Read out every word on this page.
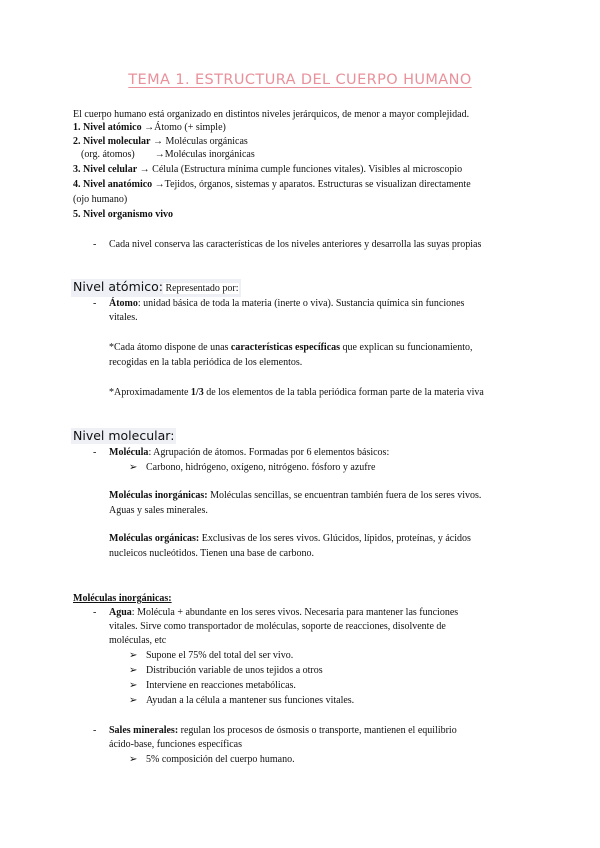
TEMA 1. ESTRUCTURA DEL CUERPO HUMANO
El cuerpo humano está organizado en distintos niveles jerárquicos, de menor a mayor complejidad.
1. Nivel atómico →Átomo (+ simple)
2. Nivel molecular → Moléculas orgánicas
(org. átomos)        →Moléculas inorgánicas
3. Nivel celular → Célula (Estructura mínima cumple funciones vitales). Visibles al microscopio
4. Nivel anatómico →Tejidos, órganos, sistemas y aparatos. Estructuras se visualizan directamente
(ojo humano)
5. Nivel organismo vivo
- Cada nivel conserva las características de los niveles anteriores y desarrolla las suyas propias
Nivel atómico: Representado por:
- Átomo: unidad básica de toda la materia (inerte o viva). Sustancia química sin funciones
vitales.
*Cada átomo dispone de unas características específicas que explican su funcionamiento,
recogidas en la tabla periódica de los elementos.
*Aproximadamente 1/3 de los elementos de la tabla periódica forman parte de la materia viva
Nivel molecular:
- Molécula: Agrupación de átomos. Formadas por 6 elementos básicos:
➢ Carbono, hidrógeno, oxígeno, nitrógeno. fósforo y azufre
Moléculas inorgánicas: Moléculas sencillas, se encuentran también fuera de los seres vivos.
Aguas y sales minerales.
Moléculas orgánicas: Exclusivas de los seres vivos. Glúcidos, lípidos, proteínas, y ácidos
nucleicos nucleótidos. Tienen una base de carbono.
Moléculas inorgánicas:
- Agua: Molécula + abundante en los seres vivos. Necesaria para mantener las funciones
vitales. Sirve como transportador de moléculas, soporte de reacciones, disolvente de
moléculas, etc
➢ Supone el 75% del total del ser vivo.
➢ Distribución variable de unos tejidos a otros
➢ Interviene en reacciones metabólicas.
➢ Ayudan a la célula a mantener sus funciones vitales.
- Sales minerales: regulan los procesos de ósmosis o transporte, mantienen el equilibrio
ácido-base, funciones específicas
➢ 5% composición del cuerpo humano.
